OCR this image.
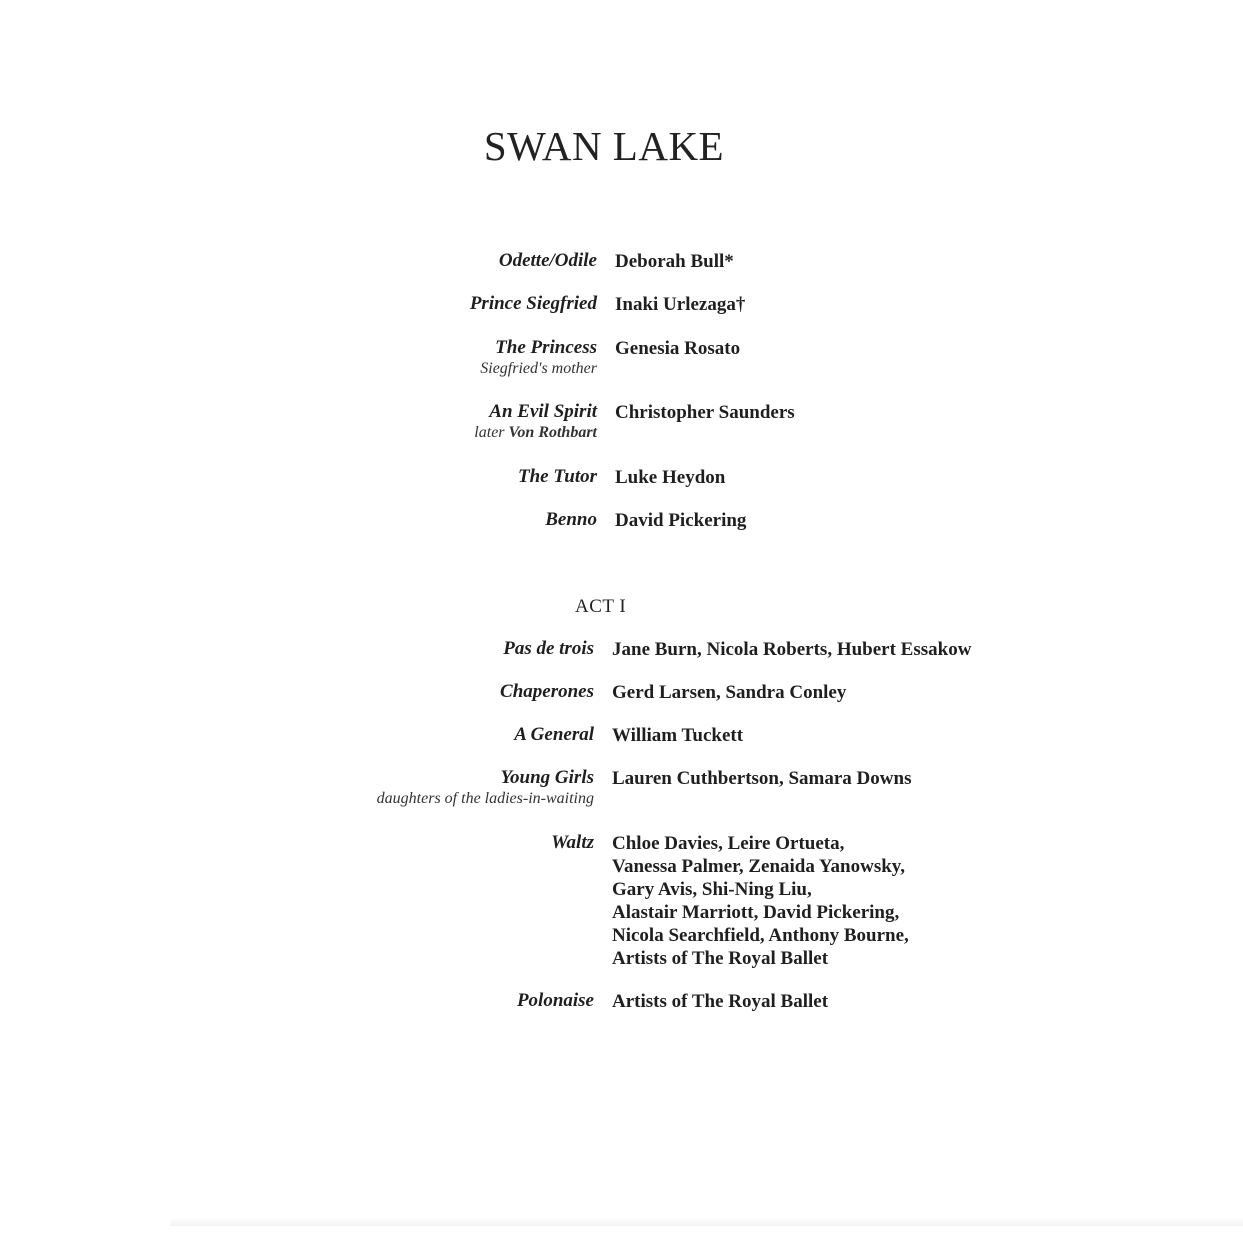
SWAN LAKE
Odette/Odile Deborah Bull*
Prince Siegfried Inaki Urlezaga†
The Princess
Siegfried's mother
Genesia Rosato
An Evil Spirit
later Von Rothbart
Christopher Saunders
The Tutor Luke Heydon
Benno David Pickering
ACT I
Pas de trois Jane Burn, Nicola Roberts, Hubert Essakow
Chaperones Gerd Larsen, Sandra Conley
A General William Tuckett
Young Girls
daughters of the ladies-in-waiting
Lauren Cuthbertson, Samara Downs
Waltz Chloe Davies, Leire Ortueta,
Vanessa Palmer, Zenaida Yanowsky,
Gary Avis, Shi-Ning Liu,
Alastair Marriott, David Pickering,
Nicola Searchfield, Anthony Bourne,
Artists of The Royal Ballet
Polonaise Artists of The Royal Ballet
